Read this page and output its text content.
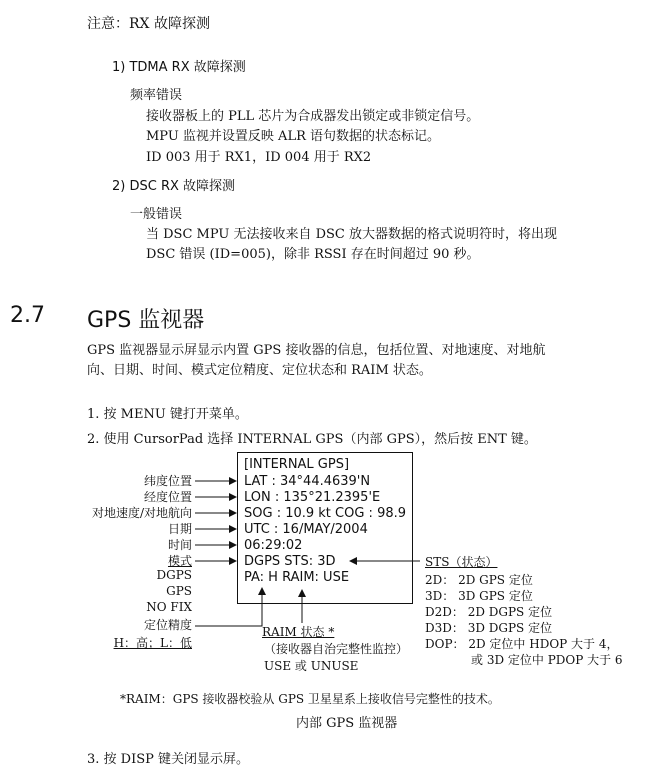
注意：RX 故障探测
1) TDMA RX 故障探测
频率错误
接收器板上的 PLL 芯片为合成器发出锁定或非锁定信号。
MPU 监视并设置反映 ALR 语句数据的状态标记。
ID 003 用于 RX1，ID 004 用于 RX2
2) DSC RX 故障探测
一般错误
当 DSC MPU 无法接收来自 DSC 放大器数据的格式说明符时，将出现
DSC 错误 (ID=005)，除非 RSSI 存在时间超过 90 秒。
2.7 GPS 监视器
GPS 监视器显示屏显示内置 GPS 接收器的信息，包括位置、对地速度、对地航
向、日期、时间、模式定位精度、定位状态和 RAIM 状态。
1. 按 MENU 键打开菜单。
2. 使用 CursorPad 选择 INTERNAL GPS（内部 GPS），然后按 ENT 键。
[INTERNAL GPS]
LAT : 34°44.4639'N
LON : 135°21.2395'E
SOG : 10.9 kt COG : 98.9
UTC : 16/MAY/2004
06:29:02
DGPS STS: 3D
PA: H RAIM: USE
纬度位置
经度位置
对地速度/对地航向
日期
时间
模式
DGPS
GPS
NO FIX
定位精度
H：高；L：低
RAIM 状态 *
（接收器自治完整性监控）
USE 或 UNUSE
STS（状态）
2D： 2D GPS 定位
3D： 3D GPS 定位
D2D： 2D DGPS 定位
D3D： 3D DGPS 定位
DOP： 2D 定位中 HDOP 大于 4，
或 3D 定位中 PDOP 大于 6
*RAIM：GPS 接收器校验从 GPS 卫星星系上接收信号完整性的技术。
内部 GPS 监视器
3. 按 DISP 键关闭显示屏。
